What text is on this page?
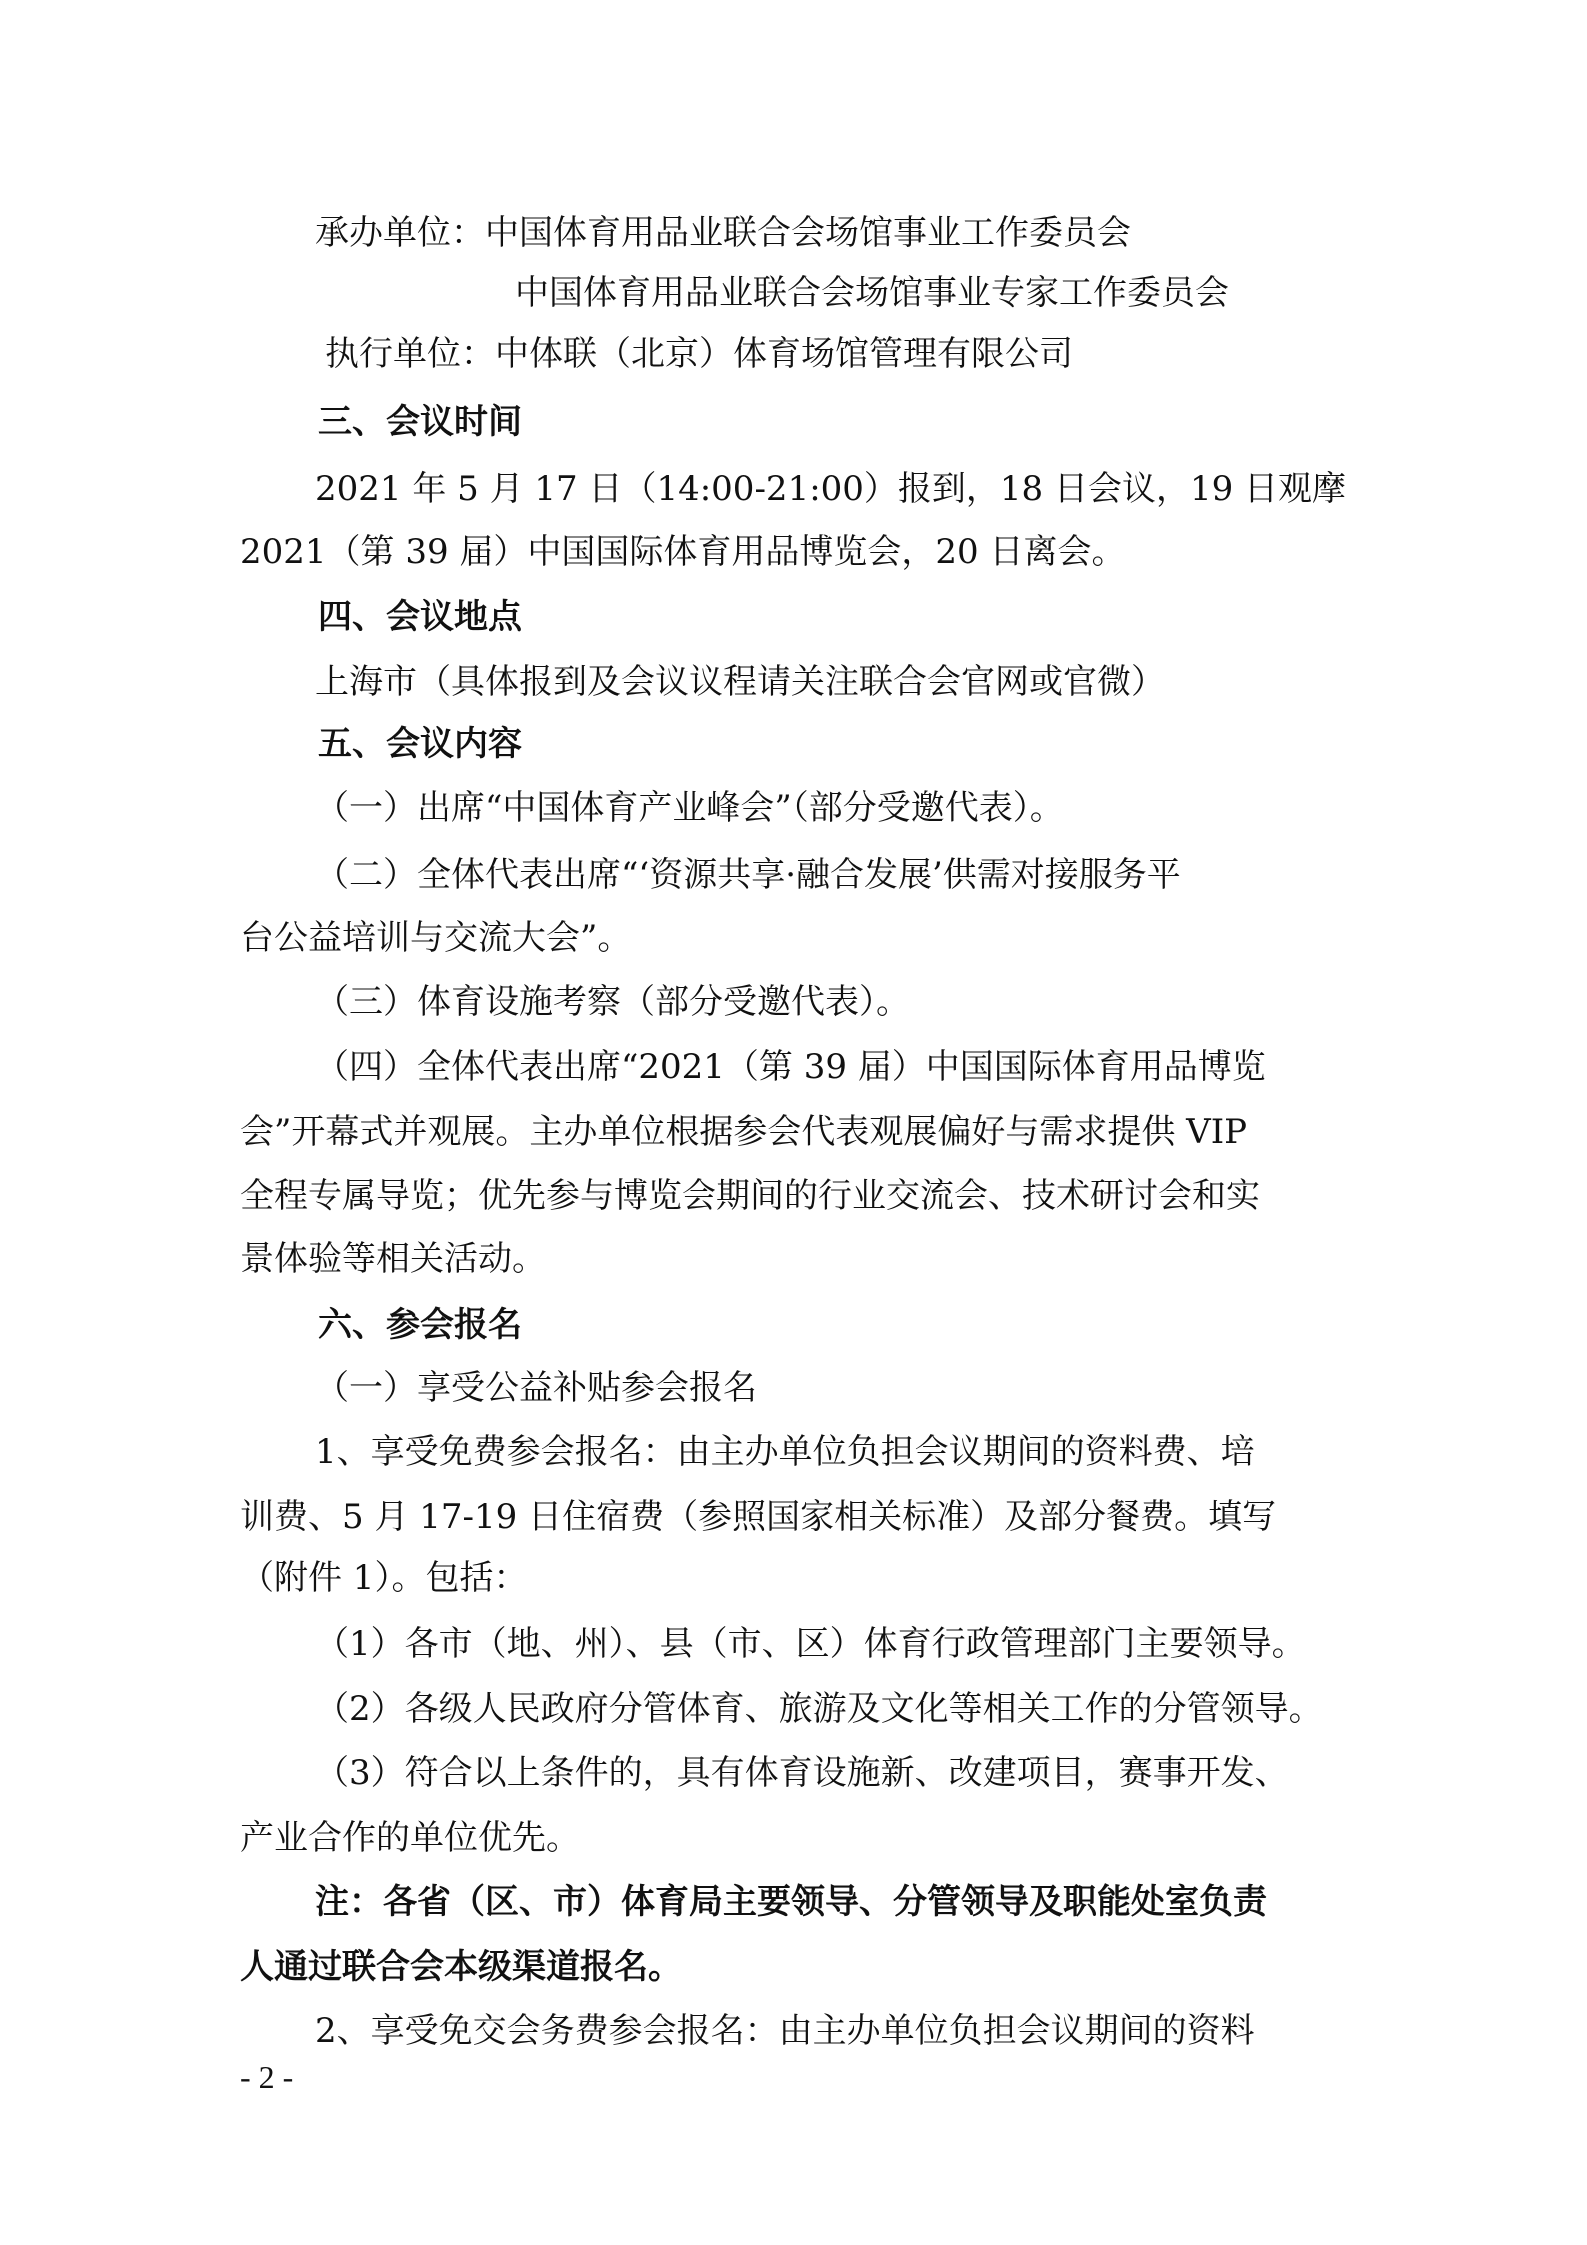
承办单位：中国体育用品业联合会场馆事业工作委员会
中国体育用品业联合会场馆事业专家工作委员会
执行单位：中体联（北京）体育场馆管理有限公司
三、会议时间
2021 年 5 月 17 日（14:00-21:00）报到，18 日会议，19 日观摩
2021（第 39 届）中国国际体育用品博览会，20 日离会。
四、会议地点
上海市（具体报到及会议议程请关注联合会官网或官微）
五、会议内容
（一）出席“中国体育产业峰会”（部分受邀代表）。
（二）全体代表出席“‘资源共享·融合发展’供需对接服务平
台公益培训与交流大会”。
（三）体育设施考察（部分受邀代表）。
（四）全体代表出席“2021（第 39 届）中国国际体育用品博览
会”开幕式并观展。主办单位根据参会代表观展偏好与需求提供 VIP
全程专属导览；优先参与博览会期间的行业交流会、技术研讨会和实
景体验等相关活动。
六、参会报名
（一）享受公益补贴参会报名
1、享受免费参会报名：由主办单位负担会议期间的资料费、培
训费、5 月 17-19 日住宿费（参照国家相关标准）及部分餐费。填写
（附件 1）。包括：
（1）各市（地、州）、县（市、区）体育行政管理部门主要领导。
（2）各级人民政府分管体育、旅游及文化等相关工作的分管领导。
（3）符合以上条件的，具有体育设施新、改建项目，赛事开发、
产业合作的单位优先。
注：各省（区、市）体育局主要领导、分管领导及职能处室负责
人通过联合会本级渠道报名。
2、享受免交会务费参会报名：由主办单位负担会议期间的资料
- 2 -
